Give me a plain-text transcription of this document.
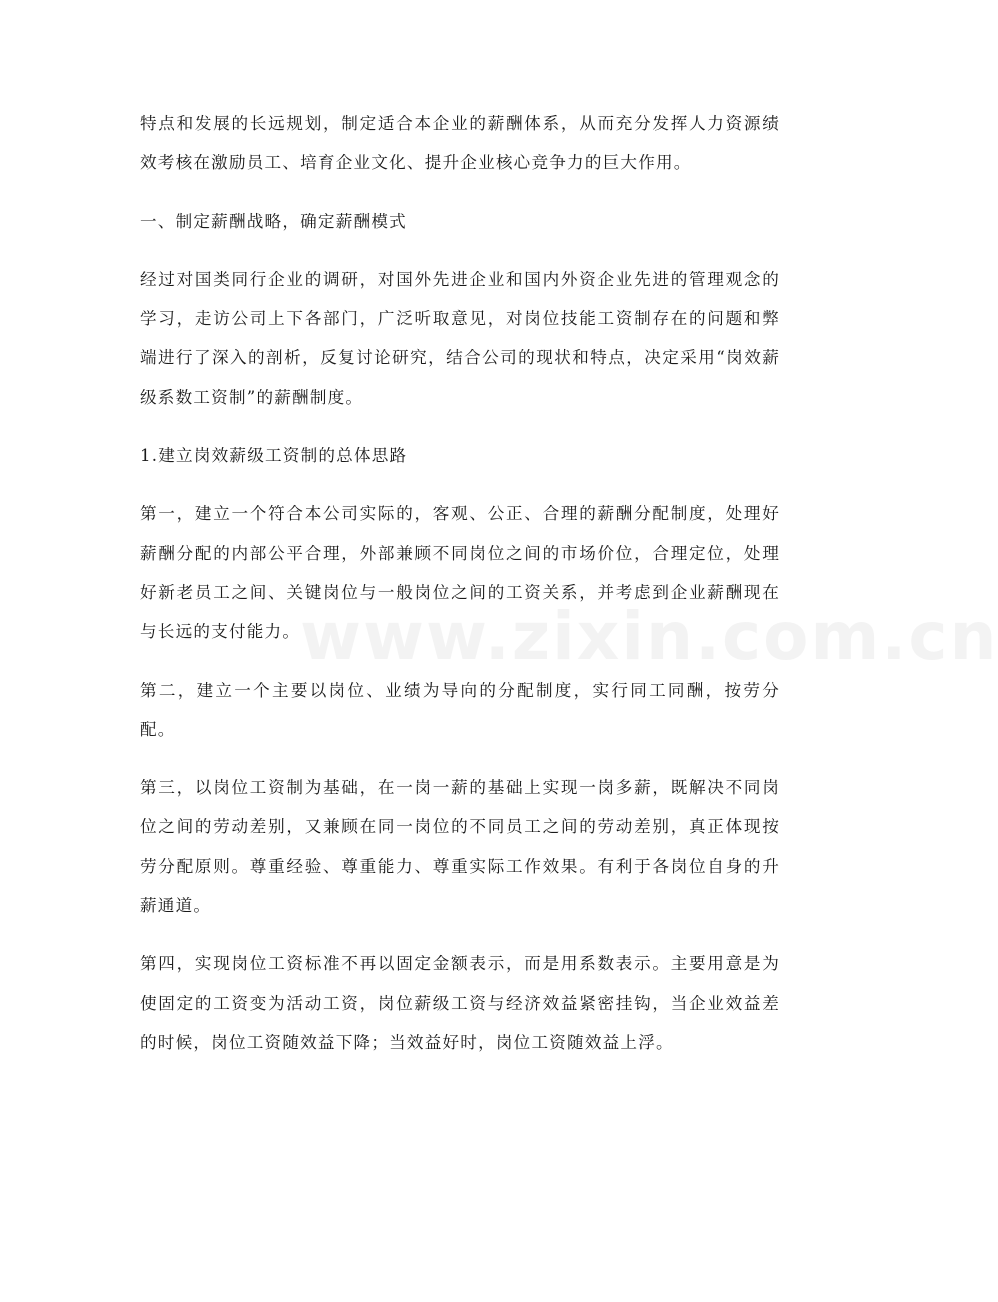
特点和发展的长远规划，制定适合本企业的薪酬体系，从而充分发挥人力资源绩效考核在激励员工、培育企业文化、提升企业核心竞争力的巨大作用。

一、制定薪酬战略，确定薪酬模式

经过对国类同行企业的调研，对国外先进企业和国内外资企业先进的管理观念的学习，走访公司上下各部门，广泛听取意见，对岗位技能工资制存在的问题和弊端进行了深入的剖析，反复讨论研究，结合公司的现状和特点，决定采用“岗效薪级系数工资制”的薪酬制度。

1.建立岗效薪级工资制的总体思路

第一，建立一个符合本公司实际的，客观、公正、合理的薪酬分配制度，处理好薪酬分配的内部公平合理，外部兼顾不同岗位之间的市场价位，合理定位，处理好新老员工之间、关键岗位与一般岗位之间的工资关系，并考虑到企业薪酬现在与长远的支付能力。

第二，建立一个主要以岗位、业绩为导向的分配制度，实行同工同酬，按劳分配。

第三，以岗位工资制为基础，在一岗一薪的基础上实现一岗多薪，既解决不同岗位之间的劳动差别，又兼顾在同一岗位的不同员工之间的劳动差别，真正体现按劳分配原则。尊重经验、尊重能力、尊重实际工作效果。有利于各岗位自身的升薪通道。

第四，实现岗位工资标准不再以固定金额表示，而是用系数表示。主要用意是为使固定的工资变为活动工资，岗位薪级工资与经济效益紧密挂钩，当企业效益差的时候，岗位工资随效益下降；当效益好时，岗位工资随效益上浮。

www.zixin.com.cn
